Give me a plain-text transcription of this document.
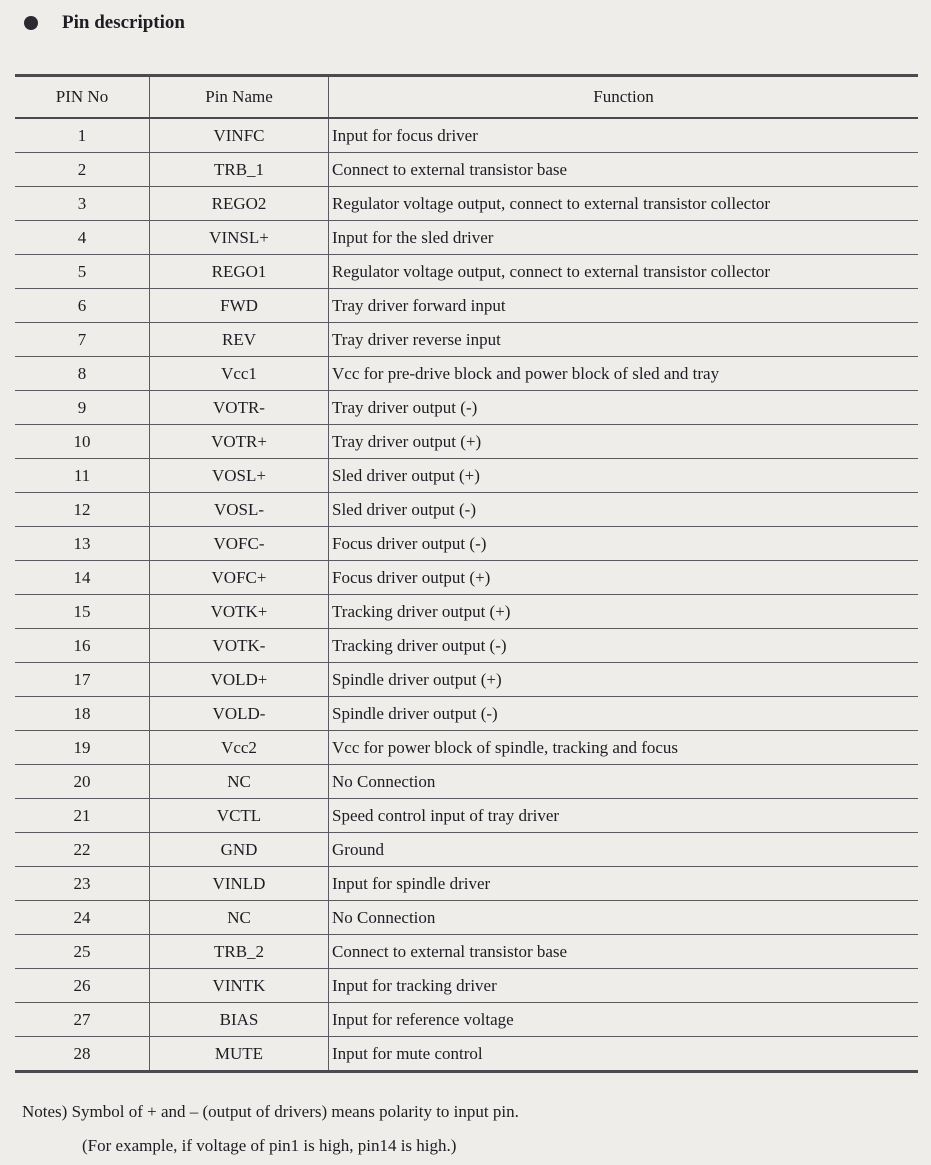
Pin description
PIN No	Pin Name	Function
1	VINFC	Input for focus driver
2	TRB_1	Connect to external transistor base
3	REGO2	Regulator voltage output, connect to external transistor collector
4	VINSL+	Input for the sled driver
5	REGO1	Regulator voltage output, connect to external transistor collector
6	FWD	Tray driver forward input
7	REV	Tray driver reverse input
8	Vcc1	Vcc for pre-drive block and power block of sled and tray
9	VOTR-	Tray driver output (-)
10	VOTR+	Tray driver output (+)
11	VOSL+	Sled driver output (+)
12	VOSL-	Sled driver output (-)
13	VOFC-	Focus driver output (-)
14	VOFC+	Focus driver output (+)
15	VOTK+	Tracking driver output (+)
16	VOTK-	Tracking driver output (-)
17	VOLD+	Spindle driver output (+)
18	VOLD-	Spindle driver output (-)
19	Vcc2	Vcc for power block of spindle, tracking and focus
20	NC	No Connection
21	VCTL	Speed control input of tray driver
22	GND	Ground
23	VINLD	Input for spindle driver
24	NC	No Connection
25	TRB_2	Connect to external transistor base
26	VINTK	Input for tracking driver
27	BIAS	Input for reference voltage
28	MUTE	Input for mute control
Notes) Symbol of + and – (output of drivers) means polarity to input pin.
(For example, if voltage of pin1 is high, pin14 is high.)
